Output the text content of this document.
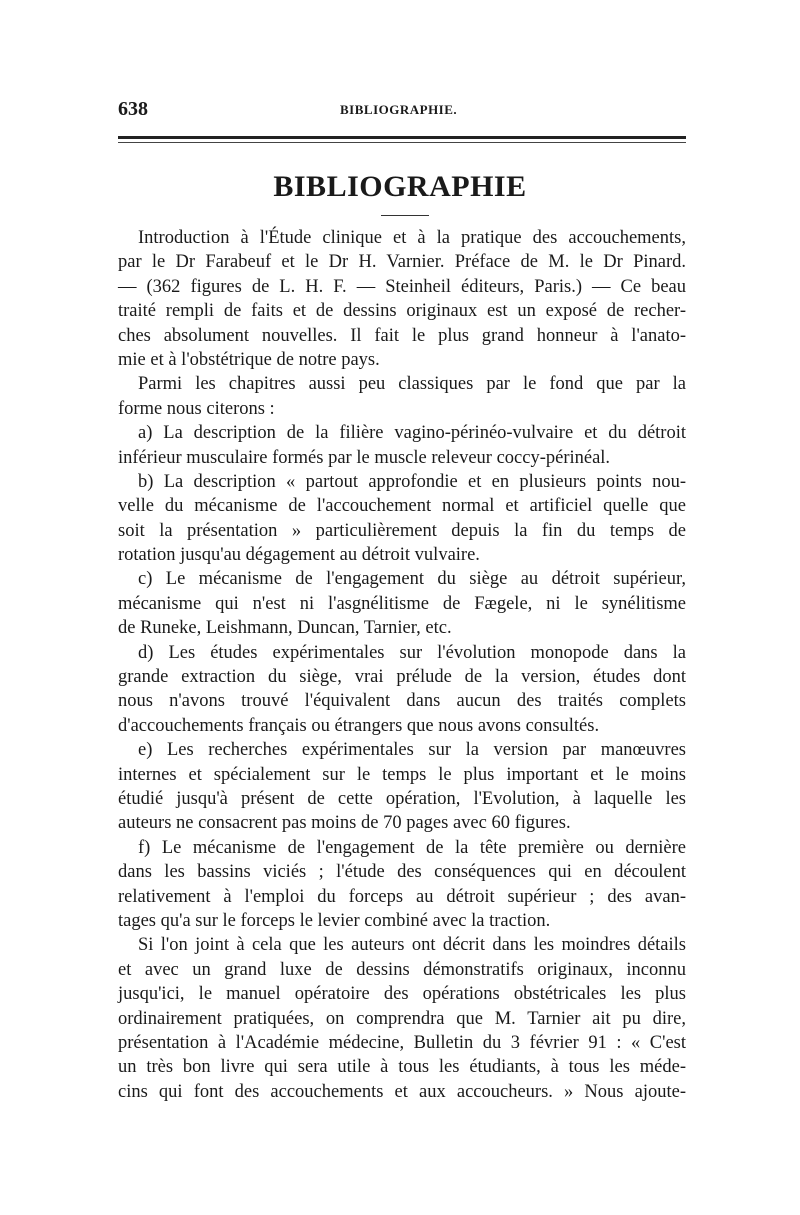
638	BIBLIOGRAPHIE.
BIBLIOGRAPHIE
Introduction à l'Étude clinique et à la pratique des accouchements,
par le Dr Farabeuf et le Dr H. Varnier. Préface de M. le Dr Pinard.
— (362 figures de L. H. F. — Steinheil éditeurs, Paris.) — Ce beau
traité rempli de faits et de dessins originaux est un exposé de recher-
ches absolument nouvelles. Il fait le plus grand honneur à l'anato-
mie et à l'obstétrique de notre pays.
Parmi les chapitres aussi peu classiques par le fond que par la
forme nous citerons :
a) La description de la filière vagino-périnéo-vulvaire et du détroit
inférieur musculaire formés par le muscle releveur coccy-périnéal.
b) La description « partout approfondie et en plusieurs points nou-
velle du mécanisme de l'accouchement normal et artificiel quelle que
soit la présentation » particulièrement depuis la fin du temps de
rotation jusqu'au dégagement au détroit vulvaire.
c) Le mécanisme de l'engagement du siège au détroit supérieur,
mécanisme qui n'est ni l'asgnélitisme de Fægele, ni le synélitisme
de Runeke, Leishmann, Duncan, Tarnier, etc.
d) Les études expérimentales sur l'évolution monopode dans la
grande extraction du siège, vrai prélude de la version, études dont
nous n'avons trouvé l'équivalent dans aucun des traités complets
d'accouchements français ou étrangers que nous avons consultés.
e) Les recherches expérimentales sur la version par manœuvres
internes et spécialement sur le temps le plus important et le moins
étudié jusqu'à présent de cette opération, l'Evolution, à laquelle les
auteurs ne consacrent pas moins de 70 pages avec 60 figures.
f) Le mécanisme de l'engagement de la tête première ou dernière
dans les bassins viciés ; l'étude des conséquences qui en découlent
relativement à l'emploi du forceps au détroit supérieur ; des avan-
tages qu'a sur le forceps le levier combiné avec la traction.
Si l'on joint à cela que les auteurs ont décrit dans les moindres détails
et avec un grand luxe de dessins démonstratifs originaux, inconnu
jusqu'ici, le manuel opératoire des opérations obstétricales les plus
ordinairement pratiquées, on comprendra que M. Tarnier ait pu dire,
présentation à l'Académie médecine, Bulletin du 3 février 91 : « C'est
un très bon livre qui sera utile à tous les étudiants, à tous les méde-
cins qui font des accouchements et aux accoucheurs. » Nous ajoute-
